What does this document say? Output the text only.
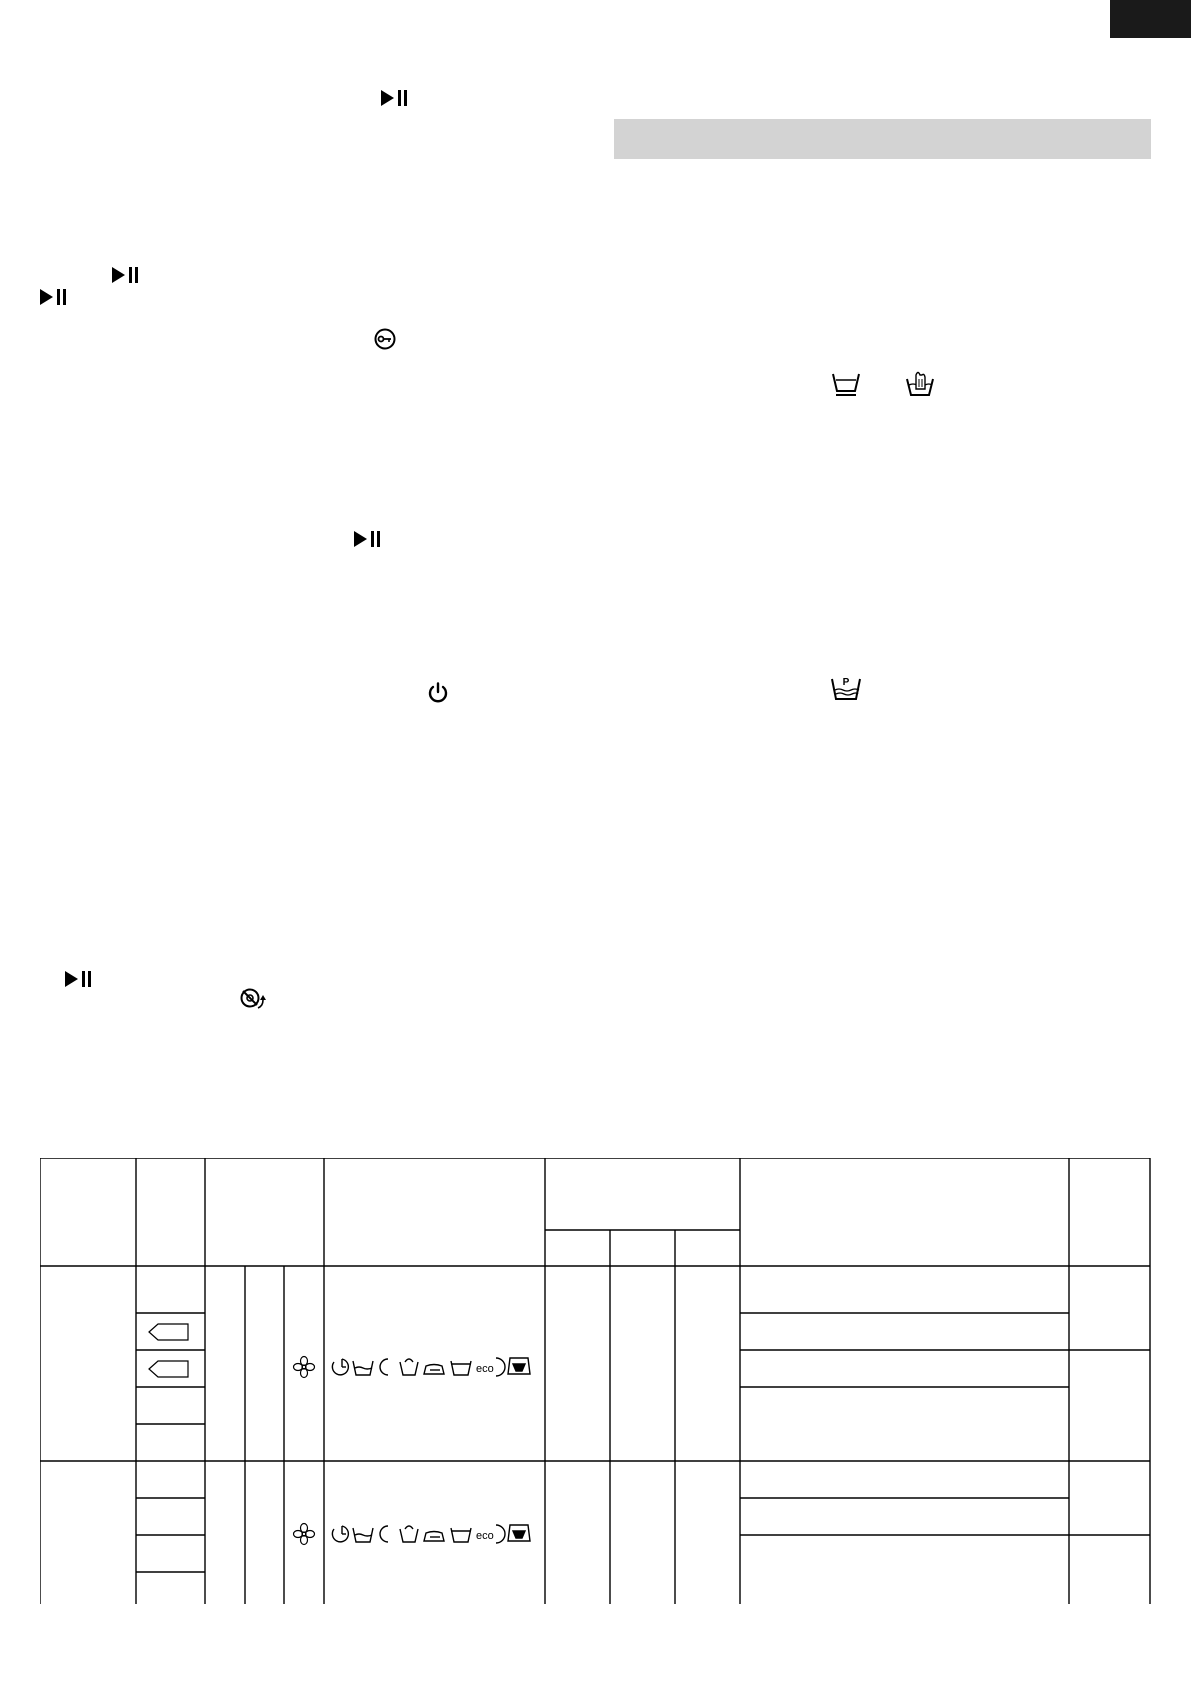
P
eco
eco
